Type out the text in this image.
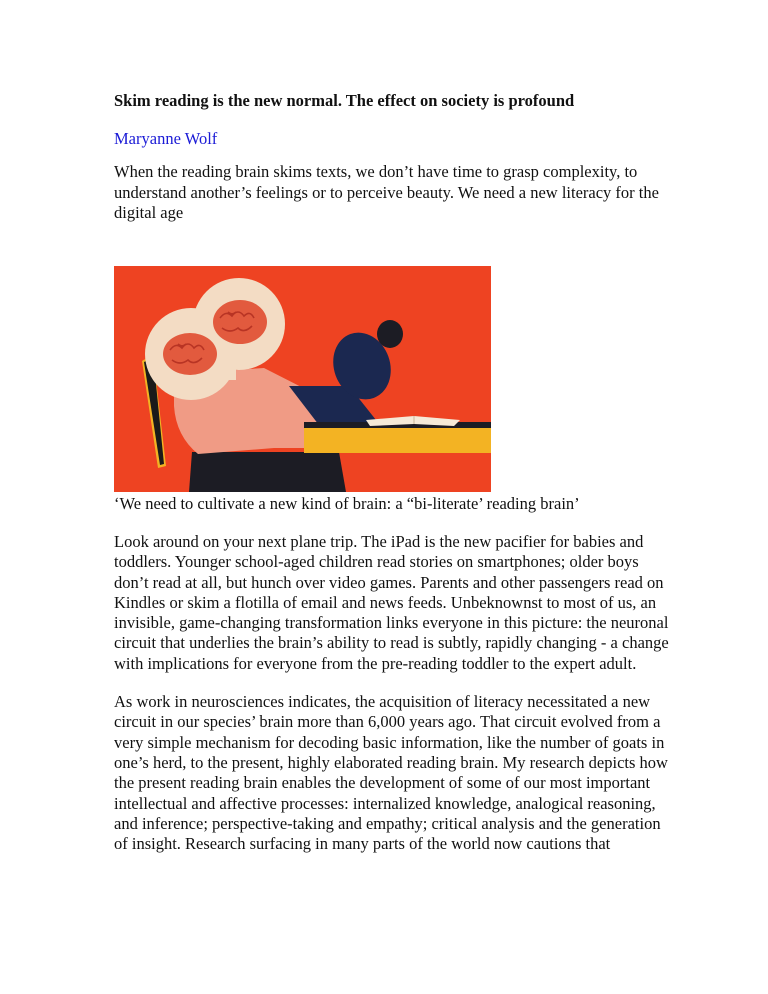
Skim reading is the new normal. The effect on society is profound
Maryanne Wolf

When the reading brain skims texts, we don’t have time to grasp complexity, to understand another’s feelings or to perceive beauty. We need a new literacy for the digital age

‘We need to cultivate a new kind of brain: a “bi-literate’ reading brain’

Look around on your next plane trip. The iPad is the new pacifier for babies and toddlers. Younger school-aged children read stories on smartphones; older boys don’t read at all, but hunch over video games. Parents and other passengers read on Kindles or skim a flotilla of email and news feeds. Unbeknownst to most of us, an invisible, game-changing transformation links everyone in this picture: the neuronal circuit that underlies the brain’s ability to read is subtly, rapidly changing - a change with implications for everyone from the pre-reading toddler to the expert adult.

As work in neurosciences indicates, the acquisition of literacy necessitated a new circuit in our species’ brain more than 6,000 years ago. That circuit evolved from a very simple mechanism for decoding basic information, like the number of goats in one’s herd, to the present, highly elaborated reading brain. My research depicts how the present reading brain enables the development of some of our most important intellectual and affective processes: internalized knowledge, analogical reasoning, and inference; perspective-taking and empathy; critical analysis and the generation of insight. Research surfacing in many parts of the world now cautions that
